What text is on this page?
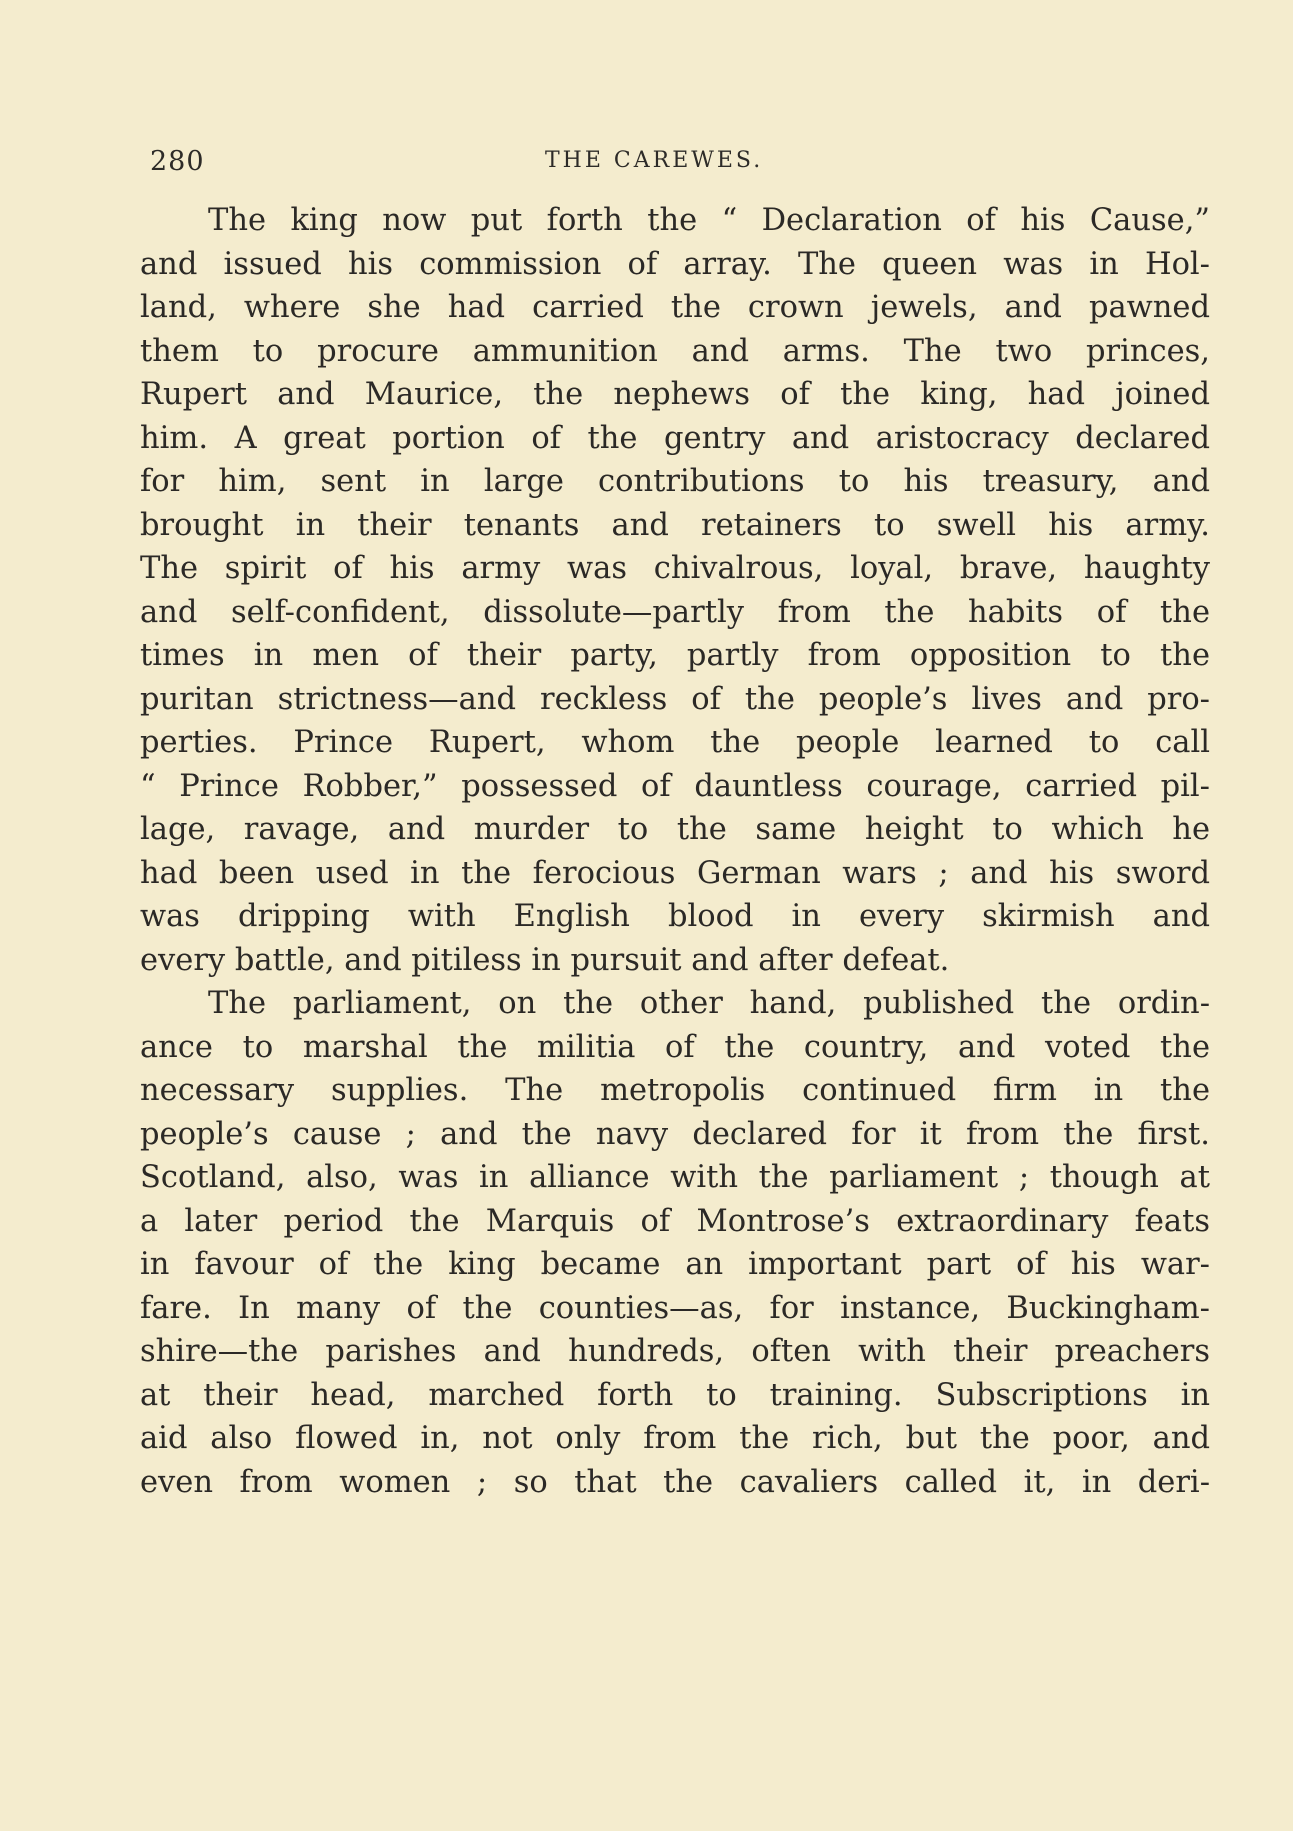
280	THE CAREWES.
The king now put forth the “ Declaration of his Cause,”
and issued his commission of array. The queen was in Hol-
land, where she had carried the crown jewels, and pawned
them to procure ammunition and arms. The two princes,
Rupert and Maurice, the nephews of the king, had joined
him. A great portion of the gentry and aristocracy declared
for him, sent in large contributions to his treasury, and
brought in their tenants and retainers to swell his army.
The spirit of his army was chivalrous, loyal, brave, haughty
and self-confident, dissolute—partly from the habits of the
times in men of their party, partly from opposition to the
puritan strictness—and reckless of the people’s lives and pro-
perties. Prince Rupert, whom the people learned to call
“ Prince Robber,” possessed of dauntless courage, carried pil-
lage, ravage, and murder to the same height to which he
had been used in the ferocious German wars ; and his sword
was dripping with English blood in every skirmish and
every battle, and pitiless in pursuit and after defeat.
The parliament, on the other hand, published the ordin-
ance to marshal the militia of the country, and voted the
necessary supplies. The metropolis continued firm in the
people’s cause ; and the navy declared for it from the first.
Scotland, also, was in alliance with the parliament ; though at
a later period the Marquis of Montrose’s extraordinary feats
in favour of the king became an important part of his war-
fare. In many of the counties—as, for instance, Buckingham-
shire—the parishes and hundreds, often with their preachers
at their head, marched forth to training. Subscriptions in
aid also flowed in, not only from the rich, but the poor, and
even from women ; so that the cavaliers called it, in deri-
